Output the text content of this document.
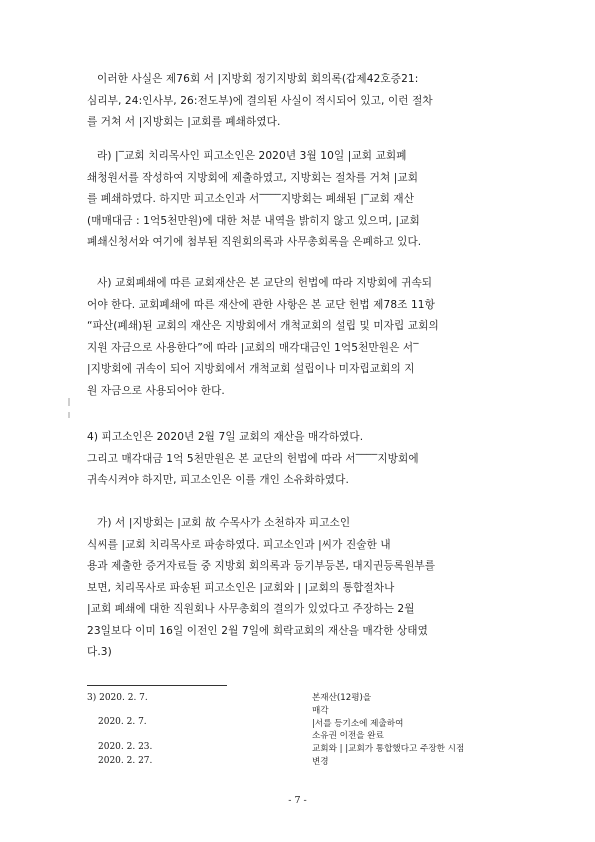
이러한 사실은 제76회 서 |지방회 정기지방회 회의록(갑제42호증21:
심리부, 24:인사부, 26:전도부)에 결의된 사실이 적시되어 있고, 이런 절차
를 거쳐 서 |지방회는 |교회를 폐쇄하였다.
라) |‾교회 치리목사인 피고소인은 2020년 3월 10일 |교회 교회폐
쇄청원서를 작성하여 지방회에 제출하였고, 지방회는 절차를 거쳐 |교회
를 폐쇄하였다. 하지만 피고소인과 서‾‾‾‾지방회는 폐쇄된 |‾교회 재산
(매매대금 : 1억5천만원)에 대한 처분 내역을 밝히지 않고 있으며, |교회
폐쇄신청서와 여기에 첨부된 직원회의록과 사무총회록을 은폐하고 있다.
사) 교회폐쇄에 따른 교회재산은 본 교단의 헌법에 따라 지방회에 귀속되
어야 한다. 교회폐쇄에 따른 재산에 관한 사항은 본 교단 헌법 제78조 11항
“파산(폐쇄)된 교회의 재산은 지방회에서 개척교회의 설립 및 미자립 교회의
지원 자금으로 사용한다”에 따라 |교회의 매각대금인 1억5천만원은 서‾
|지방회에 귀속이 되어 지방회에서 개척교회 설립이나 미자립교회의 지
원 자금으로 사용되어야 한다.
4) 피고소인은 2020년 2월 7일 교회의 재산을 매각하였다.
그리고 매각대금 1억 5천만원은 본 교단의 헌법에 따라 서‾‾‾‾지방회에
귀속시켜야 하지만, 피고소인은 이를 개인 소유화하였다.
가) 서 |지방회는 |교회 故 수목사가 소천하자 피고소인
식씨를 |교회 치리목사로 파송하였다. 피고소인과 |씨가 진술한 내
용과 제출한 증거자료들 중 지방회 회의록과 등기부등본, 대지권등록원부를
보면, 치리목사로 파송된 피고소인은 |교회와 | |교회의 통합절차나
|교회 폐쇄에 대한 직원회나 사무총회의 결의가 있었다고 주장하는 2월
23일보다 이미 16일 이전인 2월 7일에 희락교회의 재산을 매각한 상태였
다.3)
3) 2020. 2. 7.
2020. 2. 7.
2020. 2. 23.
2020. 2. 27.
본재산(12평)을
매각
|서를 등기소에 제출하여
소유권 이전을 완료
교회와 | |교회가 통합했다고 주장한 시점
변경
- 7 -
